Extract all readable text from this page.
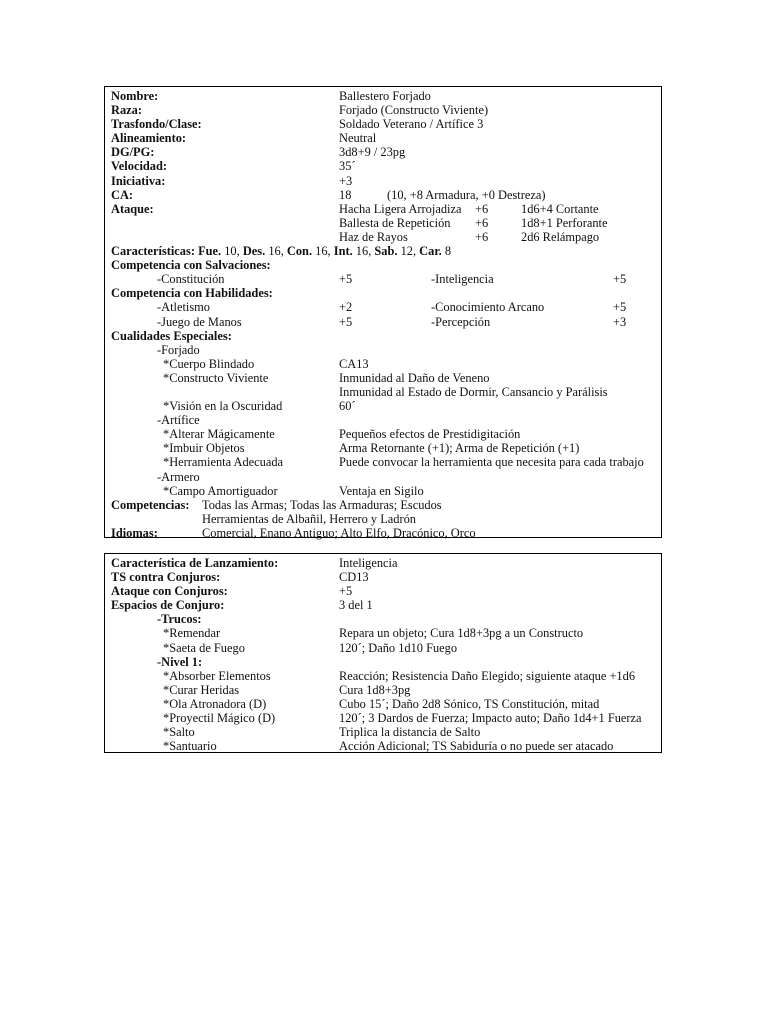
Nombre:	Ballestero Forjado
Raza:	Forjado (Constructo Viviente)
Trasfondo/Clase:	Soldado Veterano / Artífice 3
Alineamiento:	Neutral
DG/PG:	3d8+9 / 23pg
Velocidad:	35´
Iniciativa:	+3
CA:	18	(10, +8 Armadura, +0 Destreza)
Ataque:	Hacha Ligera Arrojadiza +6	1d6+4 Cortante
Ballesta de Repetición +6	1d8+1 Perforante
Haz de Rayos	+6	2d6 Relámpago
Características: Fue. 10, Des. 16, Con. 16, Int. 16, Sab. 12, Car. 8
Competencia con Salvaciones:
-Constitución	+5	-Inteligencia	+5
Competencia con Habilidades:
-Atletismo	+2	-Conocimiento Arcano	+5
-Juego de Manos	+5	-Percepción	+3
Cualidades Especiales:
-Forjado
*Cuerpo Blindado	CA13
*Constructo Viviente	Inmunidad al Daño de Veneno
Inmunidad al Estado de Dormir, Cansancio y Parálisis
*Visión en la Oscuridad	60´
-Artífice
*Alterar Mágicamente	Pequeños efectos de Prestidigitación
*Imbuir Objetos	Arma Retornante (+1); Arma de Repetición (+1)
*Herramienta Adecuada	Puede convocar la herramienta que necesita para cada trabajo
-Armero
*Campo Amortiguador	Ventaja en Sigilo
Competencias: Todas las Armas; Todas las Armaduras; Escudos
Herramientas de Albañil, Herrero y Ladrón
Idiomas:	Comercial, Enano Antiguo; Alto Elfo, Dracónico, Orco
Característica de Lanzamiento:	Inteligencia
TS contra Conjuros:	CD13
Ataque con Conjuros:	+5
Espacios de Conjuro:	3 del 1
-Trucos:
*Remendar	Repara un objeto; Cura 1d8+3pg a un Constructo
*Saeta de Fuego	120´; Daño 1d10 Fuego
-Nivel 1:
*Absorber Elementos	Reacción; Resistencia Daño Elegido; siguiente ataque +1d6
*Curar Heridas	Cura 1d8+3pg
*Ola Atronadora (D)	Cubo 15´; Daño 2d8 Sónico, TS Constitución, mitad
*Proyectil Mágico (D)	120´; 3 Dardos de Fuerza; Impacto auto; Daño 1d4+1 Fuerza
*Salto	Triplica la distancia de Salto
*Santuario	Acción Adicional; TS Sabiduría o no puede ser atacado
